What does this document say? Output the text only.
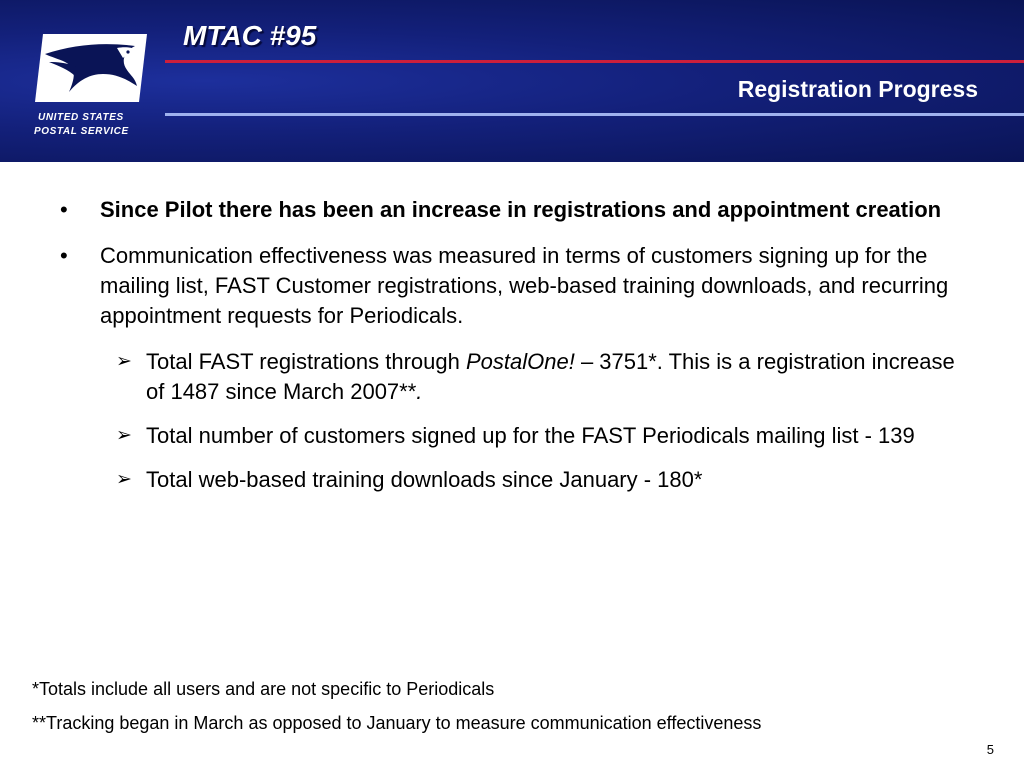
UNITED STATES
POSTAL SERVICE
MTAC #95
Registration Progress
• Since Pilot there has been an increase in registrations and appointment creation
• Communication effectiveness was measured in terms of customers signing up for the mailing list, FAST Customer registrations, web-based training downloads, and recurring appointment requests for Periodicals.
➢ Total FAST registrations through PostalOne! – 3751*. This is a registration increase of 1487 since March 2007**.
➢ Total number of customers signed up for the FAST Periodicals mailing list - 139
➢ Total web-based training downloads since January - 180*
*Totals include all users and are not specific to Periodicals
**Tracking began in March as opposed to January to measure communication effectiveness
5
